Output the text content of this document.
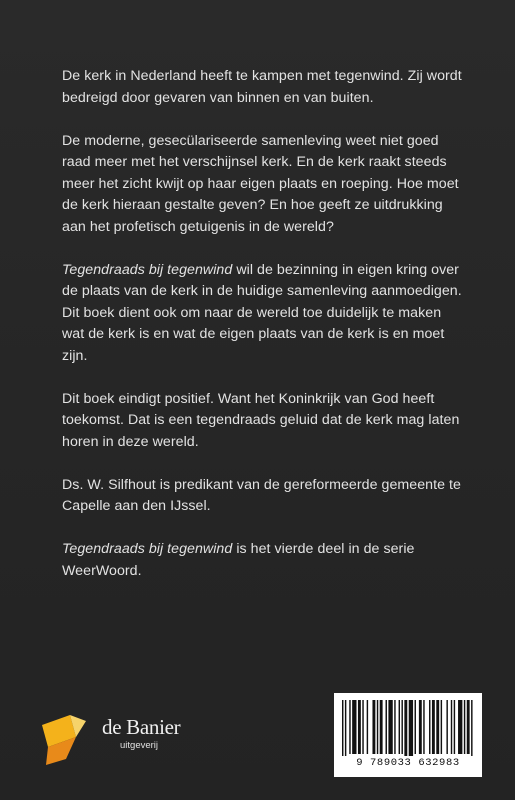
De kerk in Nederland heeft te kampen met tegenwind. Zij wordt bedreigd door gevaren van binnen en van buiten.

De moderne, gesecülariseerde samenleving weet niet goed raad meer met het verschijnsel kerk. En de kerk raakt steeds meer het zicht kwijt op haar eigen plaats en roeping. Hoe moet de kerk hieraan gestalte geven? En hoe geeft ze uitdrukking aan het profetisch getuigenis in de wereld?

Tegendraads bij tegenwind wil de bezinning in eigen kring over de plaats van de kerk in de huidige samenleving aanmoedigen. Dit boek dient ook om naar de wereld toe duidelijk te maken wat de kerk is en wat de eigen plaats van de kerk is en moet zijn.

Dit boek eindigt positief. Want het Koninkrijk van God heeft toekomst. Dat is een tegendraads geluid dat de kerk mag laten horen in deze wereld.

Ds. W. Silfhout is predikant van de gereformeerde gemeente te Capelle aan den IJssel.

Tegendraads bij tegenwind is het vierde deel in de serie WeerWoord.

de Banier
uitgeverij
9 789033 632983
